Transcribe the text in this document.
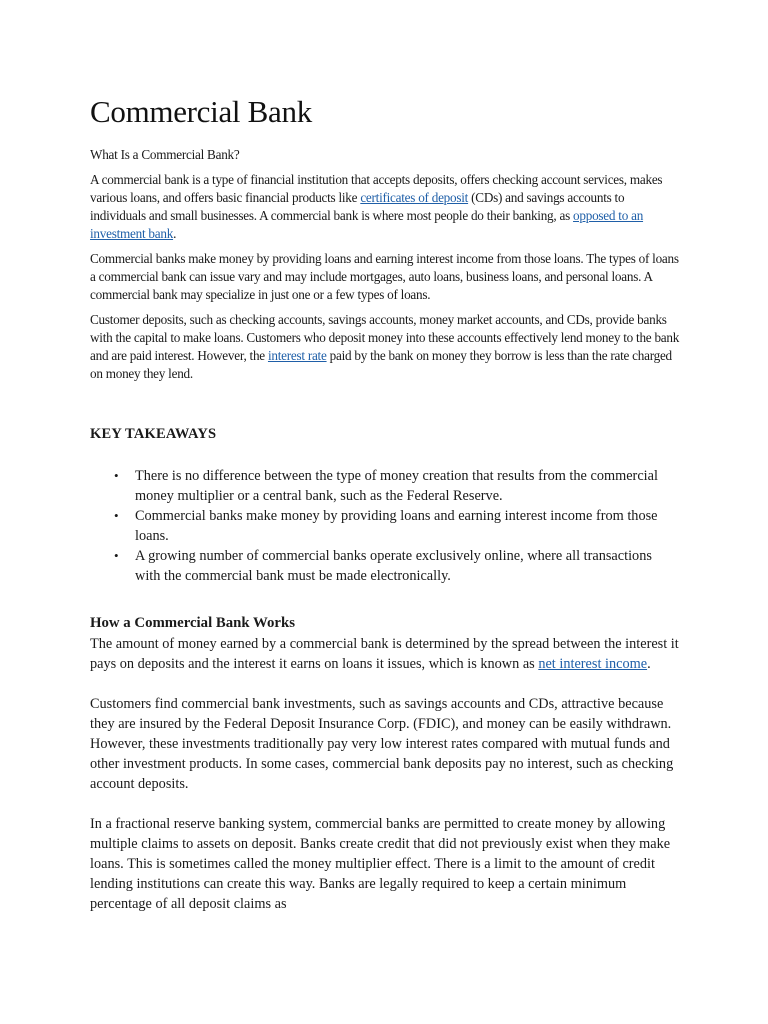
Commercial Bank

What Is a Commercial Bank?

A commercial bank is a type of financial institution that accepts deposits, offers checking account services, makes various loans, and offers basic financial products like certificates of deposit (CDs) and savings accounts to individuals and small businesses. A commercial bank is where most people do their banking, as opposed to an investment bank.

Commercial banks make money by providing loans and earning interest income from those loans. The types of loans a commercial bank can issue vary and may include mortgages, auto loans, business loans, and personal loans. A commercial bank may specialize in just one or a few types of loans.

Customer deposits, such as checking accounts, savings accounts, money market accounts, and CDs, provide banks with the capital to make loans. Customers who deposit money into these accounts effectively lend money to the bank and are paid interest. However, the interest rate paid by the bank on money they borrow is less than the rate charged on money they lend.

KEY TAKEAWAYS
• There is no difference between the type of money creation that results from the commercial money multiplier or a central bank, such as the Federal Reserve.
• Commercial banks make money by providing loans and earning interest income from those loans.
• A growing number of commercial banks operate exclusively online, where all transactions with the commercial bank must be made electronically.
How a Commercial Bank Works

The amount of money earned by a commercial bank is determined by the spread between the interest it pays on deposits and the interest it earns on loans it issues, which is known as net interest income.

Customers find commercial bank investments, such as savings accounts and CDs, attractive because they are insured by the Federal Deposit Insurance Corp. (FDIC), and money can be easily withdrawn. However, these investments traditionally pay very low interest rates compared with mutual funds and other investment products. In some cases, commercial bank deposits pay no interest, such as checking account deposits.

In a fractional reserve banking system, commercial banks are permitted to create money by allowing multiple claims to assets on deposit. Banks create credit that did not previously exist when they make loans. This is sometimes called the money multiplier effect. There is a limit to the amount of credit lending institutions can create this way. Banks are legally required to keep a certain minimum percentage of all deposit claims as
